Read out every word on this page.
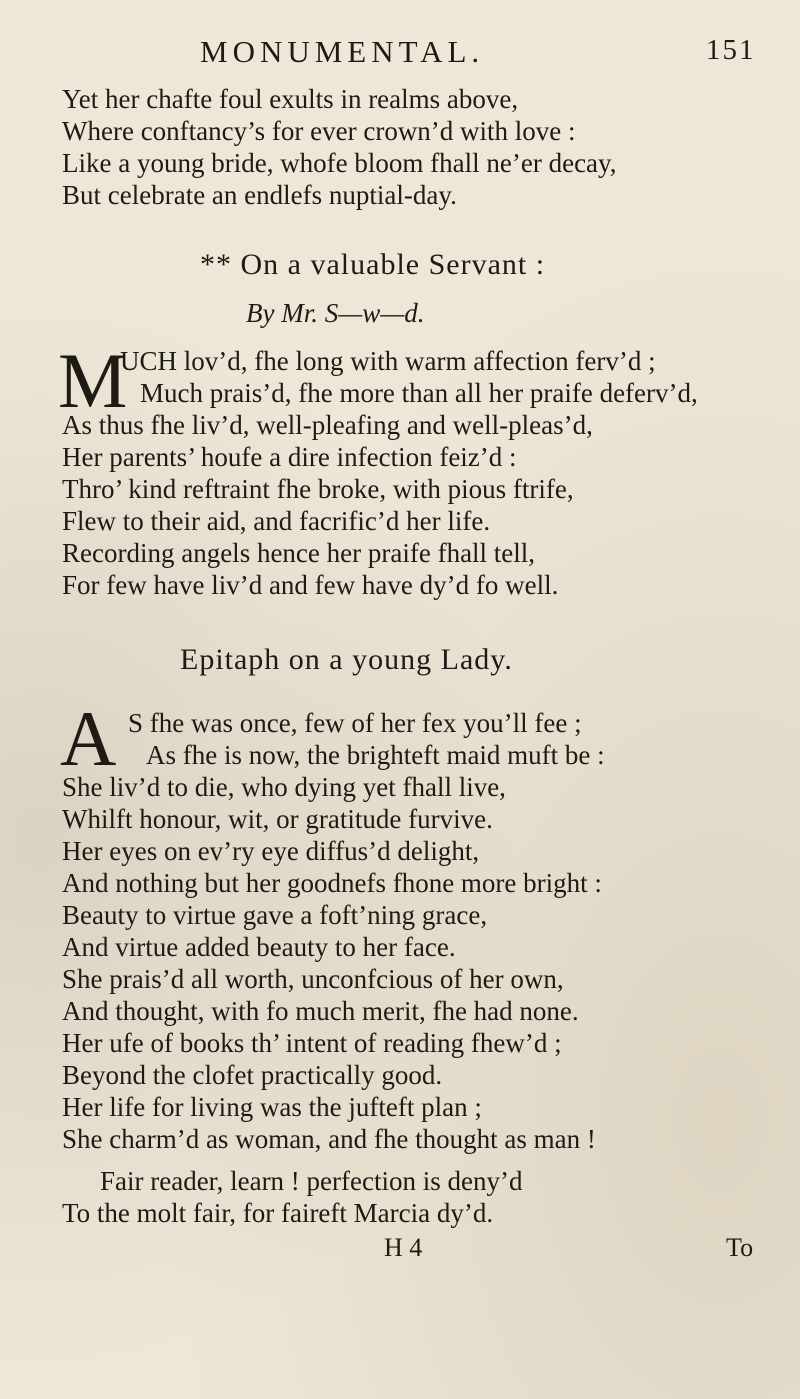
MONUMENTAL.	151
Yet her chafte foul exults in realms above,
Where conftancy’s for ever crown’d with love :
Like a young bride, whofe bloom fhall ne’er decay,
But celebrate an endlefs nuptial-day.
** On a valuable Servant :
By Mr. S—w—d.
M
UCH lov’d, fhe long with warm affection ferv’d ;
Much prais’d, fhe more than all her praife deferv’d,
As thus fhe liv’d, well-pleafing and well-pleas’d,
Her parents’ houfe a dire infection feiz’d :
Thro’ kind reftraint fhe broke, with pious ftrife,
Flew to their aid, and facrific’d her life.
Recording angels hence her praife fhall tell,
For few have liv’d and few have dy’d fo well.
Epitaph on a young Lady.
A S fhe was once, few of her fex you’ll fee ;
As fhe is now, the brighteft maid muft be :
She liv’d to die, who dying yet fhall live,
Whilft honour, wit, or gratitude furvive.
Her eyes on ev’ry eye diffus’d delight,
And nothing but her goodnefs fhone more bright :
Beauty to virtue gave a foft’ning grace,
And virtue added beauty to her face.
She prais’d all worth, unconfcious of her own,
And thought, with fo much merit, fhe had none.
Her ufe of books th’ intent of reading fhew’d ;
Beyond the clofet practically good.
Her life for living was the jufteft plan ;
She charm’d as woman, and fhe thought as man !
Fair reader, learn ! perfection is deny’d
To the molt fair, for faireft Marcia dy’d.
H 4	To
